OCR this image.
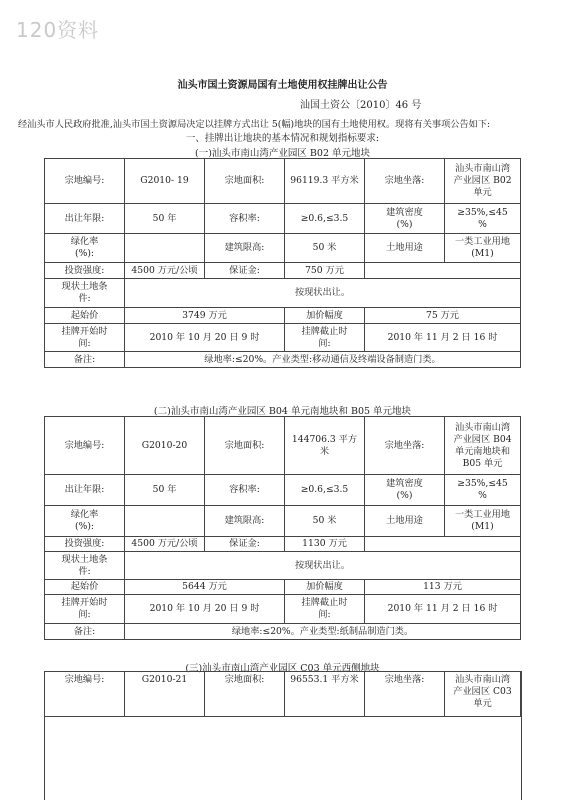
120资料
汕头市国土资源局国有土地使用权挂牌出让公告
汕国土资公〔2010〕46 号
经汕头市人民政府批准,汕头市国土资源局决定以挂牌方式出让 5(幅)地块的国有土地使用权。现将有关事项公告如下:
一、挂牌出让地块的基本情况和规划指标要求:
(一)汕头市南山湾产业园区 B02 单元地块
宗地编号:	G2010- 19	宗地面积:	96119.3 平方米	宗地坐落:	汕头市南山湾
产业园区 B02
单元
出让年限:	50 年	容积率:	≥0.6,≤3.5	建筑密度
(%)	≥35%,≤45
%
绿化率
(%):		建筑限高:	50 米	土地用途	一类工业用地
(M1)
投资强度:	4500 万元/公顷	保证金:	750 万元		
现状土地条
件:	按现状出让。				
起始价	3749 万元		加价幅度	75 万元	
挂牌开始时
间:	2010 年 10 月 20 日 9 时		挂牌截止时
间:	2010 年 11 月 2 日 16 时	
备注:	绿地率:≤20%。产业类型:移动通信及终端设备制造门类。				
(二)汕头市南山湾产业园区 B04 单元南地块和 B05 单元地块
宗地编号:	G2010-20	宗地面积:	144706.3 平方
米	宗地坐落:	汕头市南山湾
产业园区 B04
单元南地块和
B05 单元
出让年限:	50 年	容积率:	≥0.6,≤3.5	建筑密度
(%)	≥35%,≤45
%
绿化率
(%):		建筑限高:	50 米	土地用途	一类工业用地
(M1)
投资强度:	4500 万元/公顷	保证金:	1130 万元		
现状土地条
件:	按现状出让。				
起始价	5644 万元		加价幅度	113 万元	
挂牌开始时
间:	2010 年 10 月 20 日 9 时		挂牌截止时
间:	2010 年 11 月 2 日 16 时	
备注:	绿地率:≤20%。产业类型:纸制品制造门类。				
(三)汕头市南山湾产业园区 C03 单元西侧地块
宗地编号:	G2010-21	宗地面积:	96553.1 平方米	宗地坐落:	汕头市南山湾
产业园区 C03
单元
